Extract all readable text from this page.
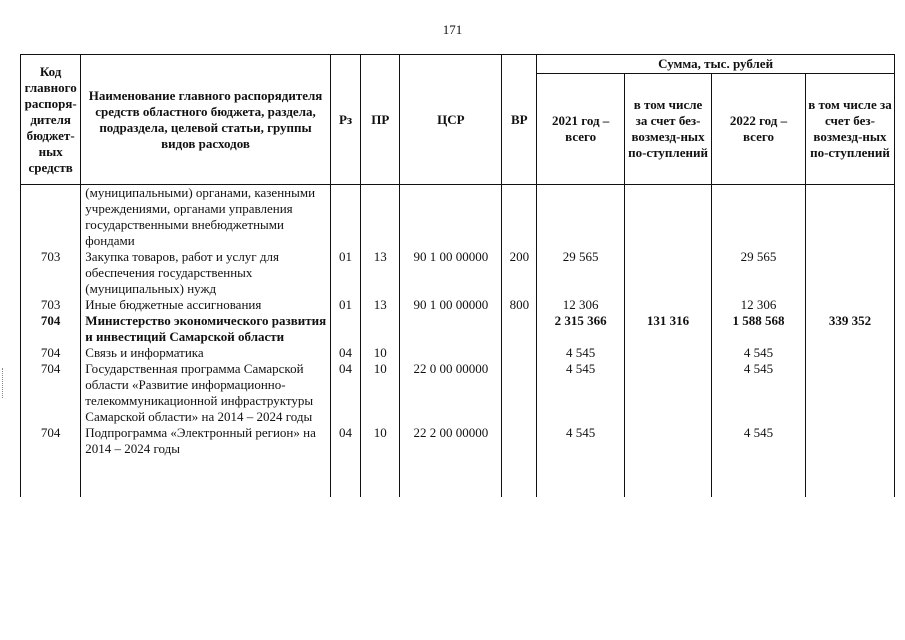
171
Код главного распоря-дителя бюджет-ных средств	Наименование главного распорядителя средств областного бюджета, раздела, подраздела, целевой статьи, группы видов расходов	Рз	ПР	ЦСР	ВР	Сумма, тыс. рублей			
						2021 год – всего	в том числе за счет без-возмезд-ных по-ступлений	2022 год – всего	в том числе за счет без-возмезд-ных по-ступлений
	(муниципальными) органами, казенными учреждениями, органами управления государственными внебюджетными фондами								
703	Закупка товаров, работ и услуг для обеспечения государственных (муниципальных) нужд	01	13	90 1 00 00000	200	29 565		29 565	
703	Иные бюджетные ассигнования	01	13	90 1 00 00000	800	12 306		12 306	
704	Министерство экономического развития и инвестиций Самарской области					2 315 366	131 316	1 588 568	339 352
704	Связь и информатика	04	10			4 545		4 545	
704	Государственная программа Самарской области «Развитие информационно-телекоммуникационной инфраструктуры Самарской области» на 2014 – 2024 годы	04	10	22 0 00 00000		4 545		4 545	
704	Подпрограмма «Электронный регион» на 2014 – 2024 годы	04	10	22 2 00 00000		4 545		4 545	
